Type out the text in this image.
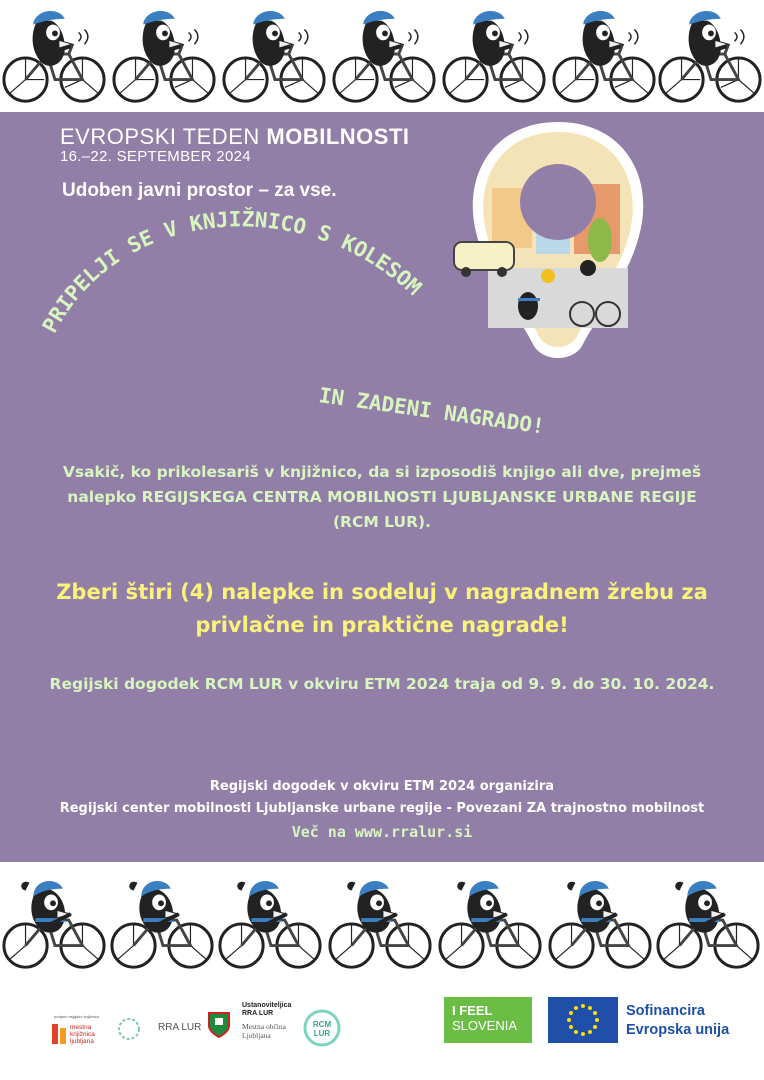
EVROPSKI TEDEN MOBILNOSTI
16.–22. SEPTEMBER 2024
Udoben javni prostor – za vse.
PRIPELJI SE V KNJIŽNICO S KOLESOM
IN ZADENI NAGRADO!
Vsakič, ko prikolesariš v knjižnico, da si izposodiš knjigo ali dve, prejmeš
nalepko REGIJSKEGA CENTRA MOBILNOSTI LJUBLJANSKE URBANE REGIJE
(RCM LUR).
Zberi štiri (4) nalepke in sodeluj v nagradnem žrebu za
privlačne in praktične nagrade!
Regijski dogodek RCM LUR v okviru ETM 2024 traja od 9. 9. do 30. 10. 2024.
Regijski dogodek v okviru ETM 2024 organizira
Regijski center mobilnosti Ljubljanske urbane regije - Povezani ZA trajnostno mobilnost
Več na www.rralur.si
podprto regijsko knjižnico
mestna knjižnica ljubljana
RRA LUR
Ustanoviteljica RRA LUR
Mestna občina Ljubljana
RCM LUR
I FEEL
SLOVENIA
Sofinancira
Evropska unija
